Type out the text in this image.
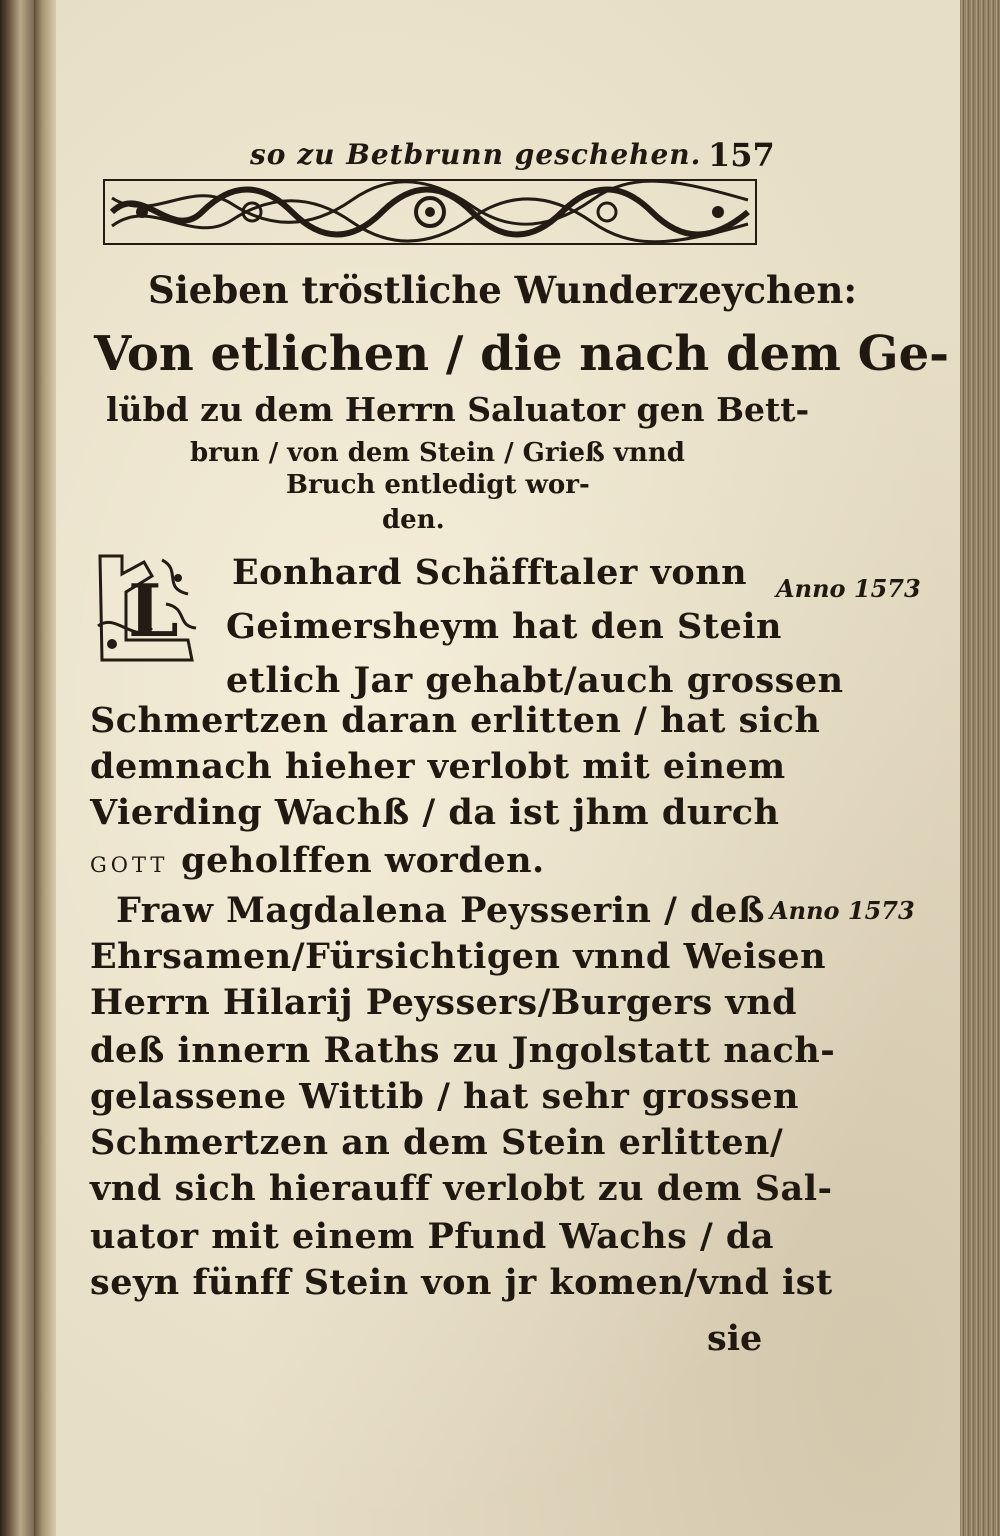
so zu Betbrunn geschehen. 157
Sieben tröstliche Wunderzeychen:
Von etlichen / die nach dem Ge-
lübd zu dem Herrn Saluator gen Bett-
brun / von dem Stein / Grieß vnnd
Bruch entledigt wor-
den.
L Eonhard Schäfftaler vonn
Geimersheym hat den Stein
etlich Jar gehabt/auch grossen
Schmertzen daran erlitten / hat sich
demnach hieher verlobt mit einem
Vierding Wachß / da ist jhm durch
GOTT geholffen worden.
Fraw Magdalena Peysserin / deß
Ehrsamen/Fürsichtigen vnnd Weisen
Herrn Hilarij Peyssers/Burgers vnd
deß innern Raths zu Jngolstatt nach-
gelassene Wittib / hat sehr grossen
Schmertzen an dem Stein erlitten/
vnd sich hierauff verlobt zu dem Sal-
uator mit einem Pfund Wachs / da
seyn fünff Stein von jr komen/vnd ist
sie
Anno 1573
Anno 1573
